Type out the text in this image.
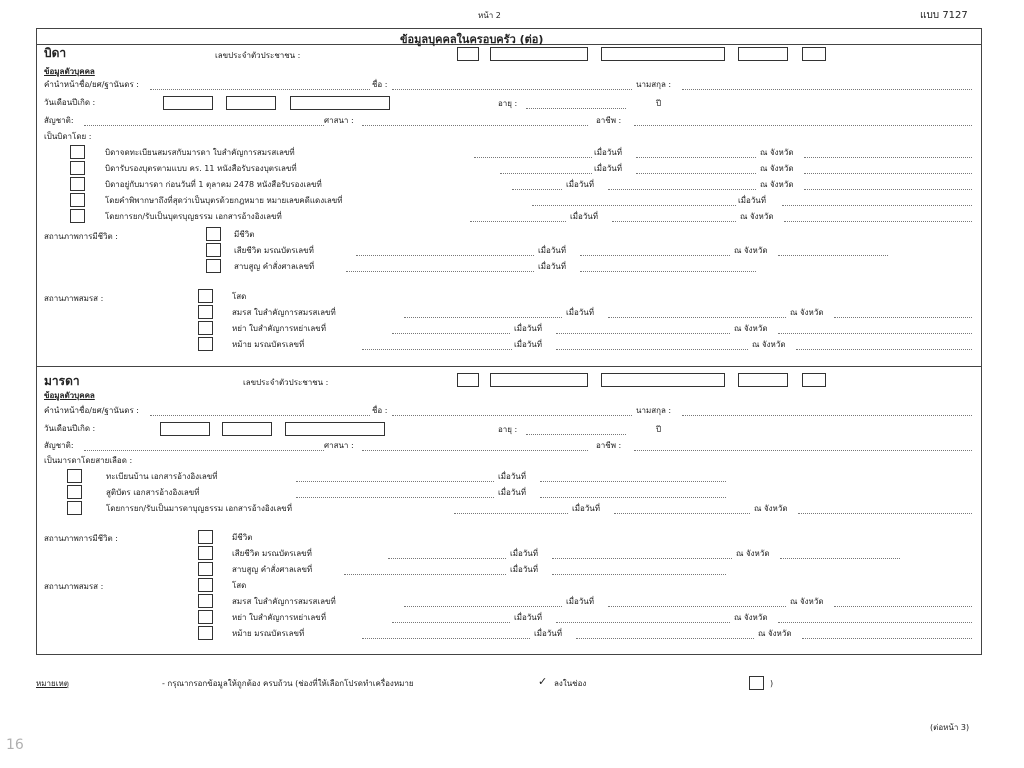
หน้า 2	แบบ 7127
ข้อมูลบุคคลในครอบครัว (ต่อ)
บิดา	เลขประจำตัวประชาชน :
ข้อมูลตัวบุคคล
คำนำหน้าชื่อ/ยศ/ฐานันดร :	ชื่อ :	นามสกุล :
วันเดือนปีเกิด :	อายุ :	ปี
สัญชาติ:	ศาสนา :	อาชีพ :
เป็นบิดาโดย :
บิดาจดทะเบียนสมรสกับมารดา ใบสำคัญการสมรสเลขที่	เมื่อวันที่	ณ จังหวัด
บิดารับรองบุตรตามแบบ คร. 11 หนังสือรับรองบุตรเลขที่	เมื่อวันที่	ณ จังหวัด
บิดาอยู่กับมารดา ก่อนวันที่ 1 ตุลาคม 2478 หนังสือรับรองเลขที่	เมื่อวันที่	ณ จังหวัด
โดยคำพิพากษาถึงที่สุดว่าเป็นบุตรด้วยกฎหมาย หมายเลขคดีแดงเลขที่	เมื่อวันที่
โดยการยก/รับเป็นบุตรบุญธรรม เอกสารอ้างอิงเลขที่	เมื่อวันที่	ณ จังหวัด
สถานภาพการมีชีวิต :	มีชีวิต
เสียชีวิต มรณบัตรเลขที่	เมื่อวันที่	ณ จังหวัด
สาบสูญ คำสั่งศาลเลขที่	เมื่อวันที่
สถานภาพสมรส :	โสด
สมรส ใบสำคัญการสมรสเลขที่	เมื่อวันที่	ณ จังหวัด
หย่า ใบสำคัญการหย่าเลขที่	เมื่อวันที่	ณ จังหวัด
หม้าย มรณบัตรเลขที่	เมื่อวันที่	ณ จังหวัด
มารดา	เลขประจำตัวประชาชน :
ข้อมูลตัวบุคคล
คำนำหน้าชื่อ/ยศ/ฐานันดร :	ชื่อ :	นามสกุล :
วันเดือนปีเกิด :	อายุ :	ปี
สัญชาติ:	ศาสนา :	อาชีพ :
เป็นมารดาโดยสายเลือด :
ทะเบียนบ้าน เอกสารอ้างอิงเลขที่	เมื่อวันที่
สูติบัตร เอกสารอ้างอิงเลขที่	เมื่อวันที่
โดยการยก/รับเป็นมารดาบุญธรรม เอกสารอ้างอิงเลขที่	เมื่อวันที่	ณ จังหวัด
สถานภาพการมีชีวิต :	มีชีวิต
เสียชีวิต มรณบัตรเลขที่	เมื่อวันที่	ณ จังหวัด
สาบสูญ คำสั่งศาลเลขที่	เมื่อวันที่
สถานภาพสมรส :	โสด
สมรส ใบสำคัญการสมรสเลขที่	เมื่อวันที่	ณ จังหวัด
หย่า ใบสำคัญการหย่าเลขที่	เมื่อวันที่	ณ จังหวัด
หม้าย มรณบัตรเลขที่	เมื่อวันที่	ณ จังหวัด
หมายเหตุ	- กรุณากรอกข้อมูลให้ถูกต้อง ครบถ้วน (ช่องที่ให้เลือกโปรดทำเครื่องหมาย	✓ ลงในช่อง	)
(ต่อหน้า 3)
16
